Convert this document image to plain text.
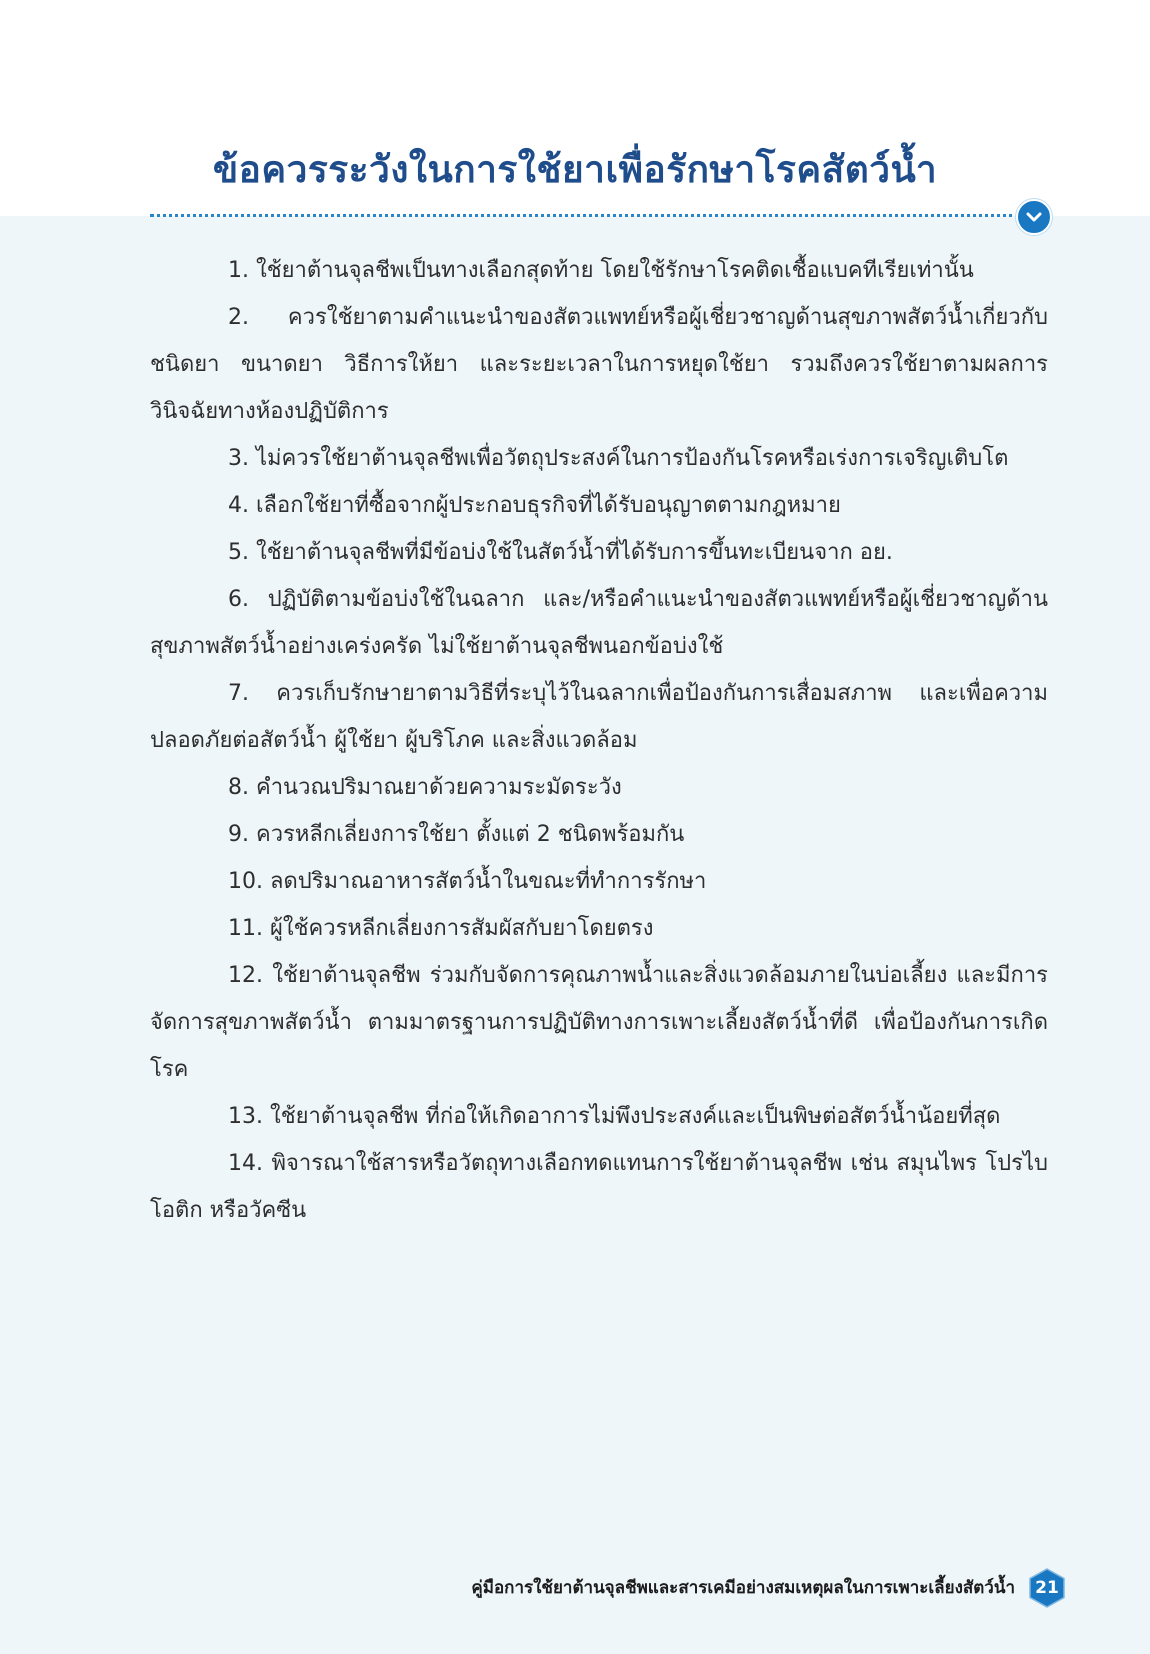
ข้อควรระวังในการใช้ยาเพื่อรักษาโรคสัตว์น้ำ

1. ใช้ยาต้านจุลชีพเป็นทางเลือกสุดท้าย โดยใช้รักษาโรคติดเชื้อแบคทีเรียเท่านั้น

2. ควรใช้ยาตามคำแนะนำของสัตวแพทย์หรือผู้เชี่ยวชาญด้านสุขภาพสัตว์น้ำเกี่ยวกับชนิดยา ขนาดยา วิธีการให้ยา และระยะเวลาในการหยุดใช้ยา รวมถึงควรใช้ยาตามผลการวินิจฉัยทางห้องปฏิบัติการ

3. ไม่ควรใช้ยาต้านจุลชีพเพื่อวัตถุประสงค์ในการป้องกันโรคหรือเร่งการเจริญเติบโต

4. เลือกใช้ยาที่ซื้อจากผู้ประกอบธุรกิจที่ได้รับอนุญาตตามกฎหมาย

5. ใช้ยาต้านจุลชีพที่มีข้อบ่งใช้ในสัตว์น้ำที่ได้รับการขึ้นทะเบียนจาก อย.

6. ปฏิบัติตามข้อบ่งใช้ในฉลาก และ/หรือคำแนะนำของสัตวแพทย์หรือผู้เชี่ยวชาญด้านสุขภาพสัตว์น้ำอย่างเคร่งครัด ไม่ใช้ยาต้านจุลชีพนอกข้อบ่งใช้

7. ควรเก็บรักษายาตามวิธีที่ระบุไว้ในฉลากเพื่อป้องกันการเสื่อมสภาพ และเพื่อความปลอดภัยต่อสัตว์น้ำ ผู้ใช้ยา ผู้บริโภค และสิ่งแวดล้อม

8. คำนวณปริมาณยาด้วยความระมัดระวัง

9. ควรหลีกเลี่ยงการใช้ยา ตั้งแต่ 2 ชนิดพร้อมกัน

10. ลดปริมาณอาหารสัตว์น้ำในขณะที่ทำการรักษา

11. ผู้ใช้ควรหลีกเลี่ยงการสัมผัสกับยาโดยตรง

12. ใช้ยาต้านจุลชีพ ร่วมกับจัดการคุณภาพน้ำและสิ่งแวดล้อมภายในบ่อเลี้ยง และมีการจัดการสุขภาพสัตว์น้ำ ตามมาตรฐานการปฏิบัติทางการเพาะเลี้ยงสัตว์น้ำที่ดี เพื่อป้องกันการเกิดโรค

13. ใช้ยาต้านจุลชีพ ที่ก่อให้เกิดอาการไม่พึงประสงค์และเป็นพิษต่อสัตว์น้ำน้อยที่สุด

14. พิจารณาใช้สารหรือวัตถุทางเลือกทดแทนการใช้ยาต้านจุลชีพ เช่น สมุนไพร โปรไบโอติก หรือวัคซีน

คู่มือการใช้ยาต้านจุลชีพและสารเคมีอย่างสมเหตุผลในการเพาะเลี้ยงสัตว์น้ำ	21
